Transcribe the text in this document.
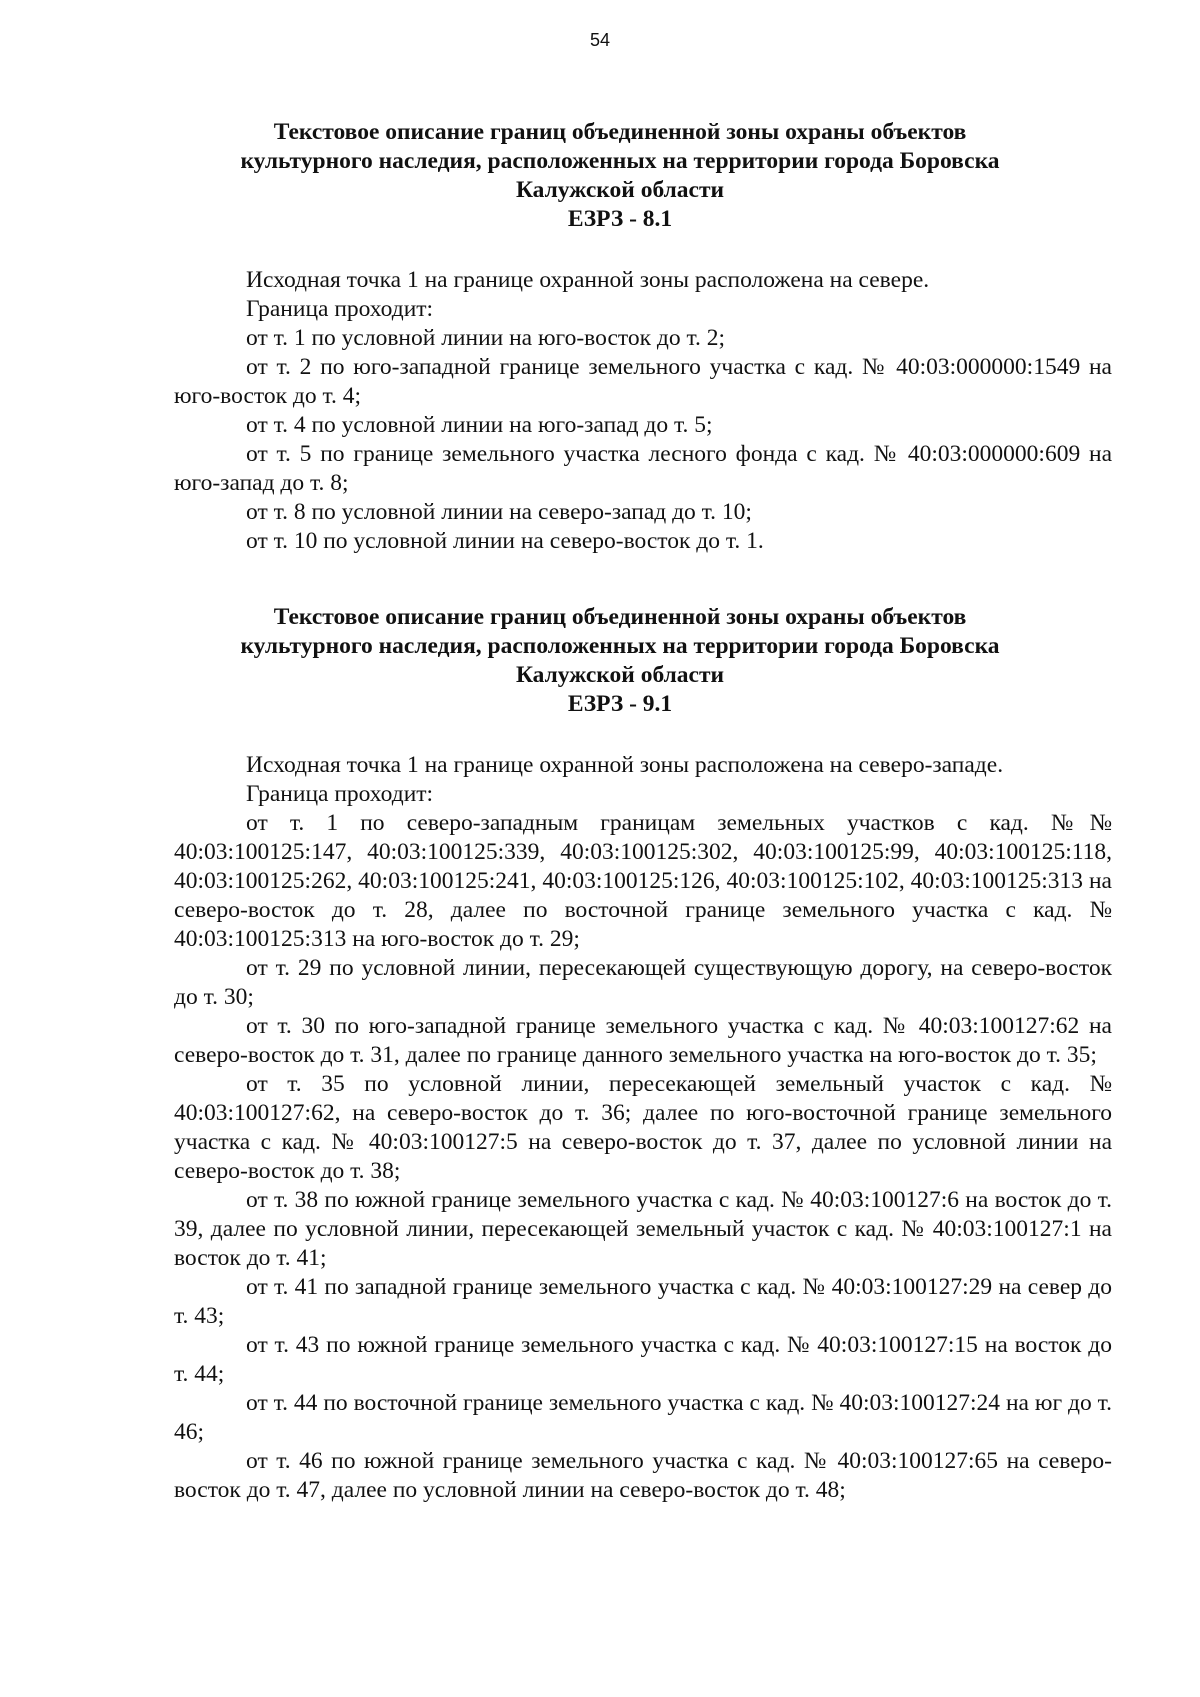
54
Текстовое описание границ объединенной зоны охраны объектов
культурного наследия, расположенных на территории города Боровска
Калужской области
ЕЗРЗ - 8.1

Исходная точка 1 на границе охранной зоны расположена на севере.

Граница проходит:

от т. 1 по условной линии на юго-восток до т. 2;

от т. 2 по юго-западной границе земельного участка с кад. № 40:03:000000:1549 на юго-восток до т. 4;

от т. 4 по условной линии на юго-запад до т. 5;

от т. 5 по границе земельного участка лесного фонда с кад. № 40:03:000000:609 на юго-запад до т. 8;

от т. 8 по условной линии на северо-запад до т. 10;

от т. 10 по условной линии на северо-восток до т. 1.

Текстовое описание границ объединенной зоны охраны объектов
культурного наследия, расположенных на территории города Боровска
Калужской области
ЕЗРЗ - 9.1

Исходная точка 1 на границе охранной зоны расположена на северо-западе.

Граница проходит:

от т. 1 по северо-западным границам земельных участков с кад. №№ 40:03:100125:147, 40:03:100125:339, 40:03:100125:302, 40:03:100125:99, 40:03:100125:118, 40:03:100125:262, 40:03:100125:241, 40:03:100125:126, 40:03:100125:102, 40:03:100125:313 на северо-восток до т. 28, далее по восточной границе земельного участка с кад. № 40:03:100125:313 на юго-восток до т. 29;

от т. 29 по условной линии, пересекающей существующую дорогу, на северо-восток до т. 30;

от т. 30 по юго-западной границе земельного участка с кад. № 40:03:100127:62 на северо-восток до т. 31, далее по границе данного земельного участка на юго-восток до т. 35;

от т. 35 по условной линии, пересекающей земельный участок с кад. № 40:03:100127:62, на северо-восток до т. 36; далее по юго-восточной границе земельного участка с кад. № 40:03:100127:5 на северо-восток до т. 37, далее по условной линии на северо-восток до т. 38;

от т. 38 по южной границе земельного участка с кад. № 40:03:100127:6 на восток до т. 39, далее по условной линии, пересекающей земельный участок с кад. № 40:03:100127:1 на восток до т. 41;

от т. 41 по западной границе земельного участка с кад. № 40:03:100127:29 на север до т. 43;

от т. 43 по южной границе земельного участка с кад. № 40:03:100127:15 на восток до т. 44;

от т. 44 по восточной границе земельного участка с кад. № 40:03:100127:24 на юг до т. 46;

от т. 46 по южной границе земельного участка с кад. № 40:03:100127:65 на северо-восток до т. 47, далее по условной линии на северо-восток до т. 48;
